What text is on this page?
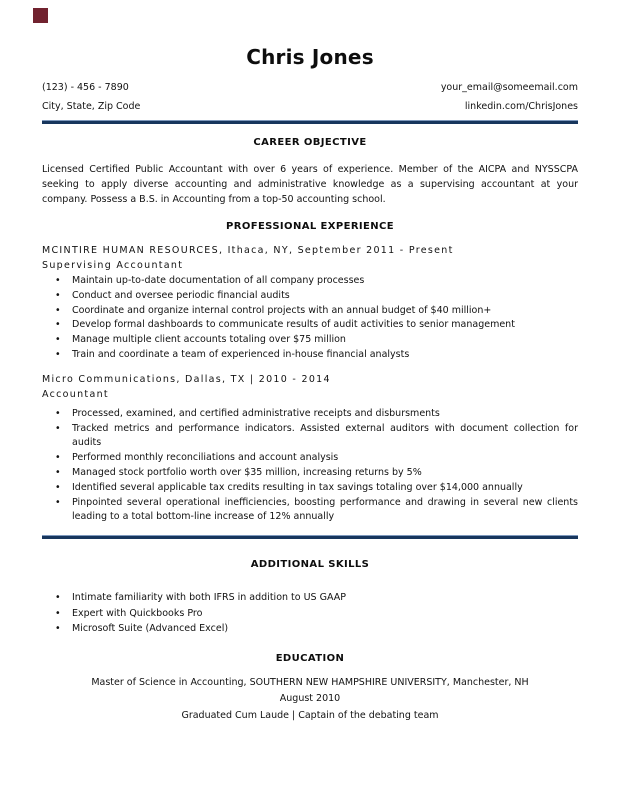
Chris Jones
(123) - 456 - 7890	your_email@someemail.com
City, State, Zip Code	linkedin.com/ChrisJones
CAREER OBJECTIVE
Licensed Certified Public Accountant with over 6 years of experience. Member of the AICPA and NYSSCPA seeking to apply diverse accounting and administrative knowledge as a supervising accountant at your company. Possess a B.S. in Accounting from a top-50 accounting school.
PROFESSIONAL EXPERIENCE
MCINTIRE HUMAN RESOURCES, Ithaca, NY, September 2011 - Present
Supervising Accountant
• Maintain up-to-date documentation of all company processes
• Conduct and oversee periodic financial audits
• Coordinate and organize internal control projects with an annual budget of $40 million+
• Develop formal dashboards to communicate results of audit activities to senior management
• Manage multiple client accounts totaling over $75 million
• Train and coordinate a team of experienced in-house financial analysts
Micro Communications, Dallas, TX | 2010 - 2014
Accountant
• Processed, examined, and certified administrative receipts and disbursments
• Tracked metrics and performance indicators. Assisted external auditors with document collection for audits
• Performed monthly reconciliations and account analysis
• Managed stock portfolio worth over $35 million, increasing returns by 5%
• Identified several applicable tax credits resulting in tax savings totaling over $14,000 annually
• Pinpointed several operational inefficiencies, boosting performance and drawing in several new clients leading to a total bottom-line increase of 12% annually
ADDITIONAL SKILLS
• Intimate familiarity with both IFRS in addition to US GAAP
• Expert with Quickbooks Pro
• Microsoft Suite (Advanced Excel)
EDUCATION
Master of Science in Accounting, SOUTHERN NEW HAMPSHIRE UNIVERSITY, Manchester, NH
August 2010
Graduated Cum Laude | Captain of the debating team
